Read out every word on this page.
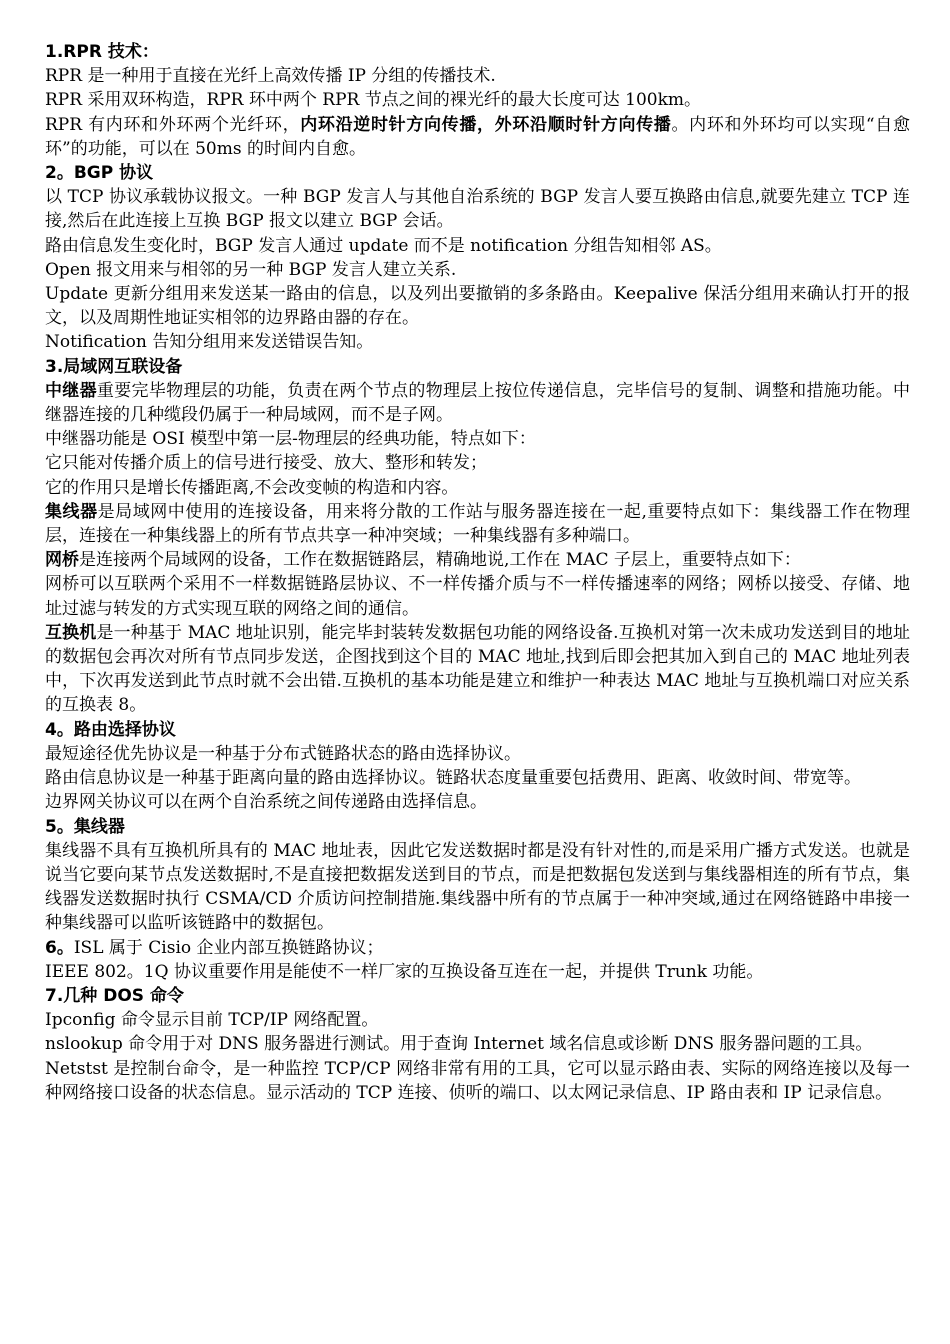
1.RPR 技术：
RPR 是一种用于直接在光纤上高效传播 IP 分组的传播技术.
RPR 采用双环构造，RPR 环中两个 RPR 节点之间的裸光纤的最大长度可达 100km。
RPR 有内环和外环两个光纤环，内环沿逆时针方向传播，外环沿顺时针方向传播。内环和外环均可以实现“自愈环”的功能，可以在 50ms 的时间内自愈。
2。BGP 协议
以 TCP 协议承载协议报文。一种 BGP 发言人与其他自治系统的 BGP 发言人要互换路由信息,就要先建立 TCP 连接,然后在此连接上互换 BGP 报文以建立 BGP 会话。
路由信息发生变化时，BGP 发言人通过 update 而不是 notification 分组告知相邻 AS。
Open 报文用来与相邻的另一种 BGP 发言人建立关系.
Update 更新分组用来发送某一路由的信息，以及列出要撤销的多条路由。Keepalive 保活分组用来确认打开的报文，以及周期性地证实相邻的边界路由器的存在。
Notification 告知分组用来发送错误告知。
3.局域网互联设备
中继器重要完毕物理层的功能，负责在两个节点的物理层上按位传递信息，完毕信号的复制、调整和措施功能。中继器连接的几种缆段仍属于一种局域网，而不是子网。
中继器功能是 OSI 模型中第一层-物理层的经典功能，特点如下：
它只能对传播介质上的信号进行接受、放大、整形和转发；
它的作用只是增长传播距离,不会改变帧的构造和内容。
集线器是局域网中使用的连接设备，用来将分散的工作站与服务器连接在一起,重要特点如下：集线器工作在物理层，连接在一种集线器上的所有节点共享一种冲突域；一种集线器有多种端口。
网桥是连接两个局域网的设备，工作在数据链路层，精确地说,工作在 MAC 子层上，重要特点如下：
网桥可以互联两个采用不一样数据链路层协议、不一样传播介质与不一样传播速率的网络；网桥以接受、存储、地址过滤与转发的方式实现互联的网络之间的通信。
互换机是一种基于 MAC 地址识别，能完毕封装转发数据包功能的网络设备.互换机对第一次未成功发送到目的地址的数据包会再次对所有节点同步发送，企图找到这个目的 MAC 地址,找到后即会把其加入到自己的 MAC 地址列表中，下次再发送到此节点时就不会出错.互换机的基本功能是建立和维护一种表达 MAC 地址与互换机端口对应关系的互换表 8。
4。路由选择协议
最短途径优先协议是一种基于分布式链路状态的路由选择协议。
路由信息协议是一种基于距离向量的路由选择协议。链路状态度量重要包括费用、距离、收敛时间、带宽等。
边界网关协议可以在两个自治系统之间传递路由选择信息。
5。集线器
集线器不具有互换机所具有的 MAC 地址表，因此它发送数据时都是没有针对性的,而是采用广播方式发送。也就是说当它要向某节点发送数据时,不是直接把数据发送到目的节点，而是把数据包发送到与集线器相连的所有节点，集线器发送数据时执行 CSMA/CD 介质访问控制措施.集线器中所有的节点属于一种冲突域,通过在网络链路中串接一种集线器可以监听该链路中的数据包。
6。ISL 属于 Cisio 企业内部互换链路协议；
IEEE 802。1Q 协议重要作用是能使不一样厂家的互换设备互连在一起，并提供 Trunk 功能。
7.几种 DOS 命令
Ipconfig 命令显示目前 TCP/IP 网络配置。
nslookup 命令用于对 DNS 服务器进行测试。用于查询 Internet 域名信息或诊断 DNS 服务器问题的工具。
Netstst 是控制台命令，是一种监控 TCP/CP 网络非常有用的工具，它可以显示路由表、实际的网络连接以及每一种网络接口设备的状态信息。显示活动的 TCP 连接、侦听的端口、以太网记录信息、IP 路由表和 IP 记录信息。
